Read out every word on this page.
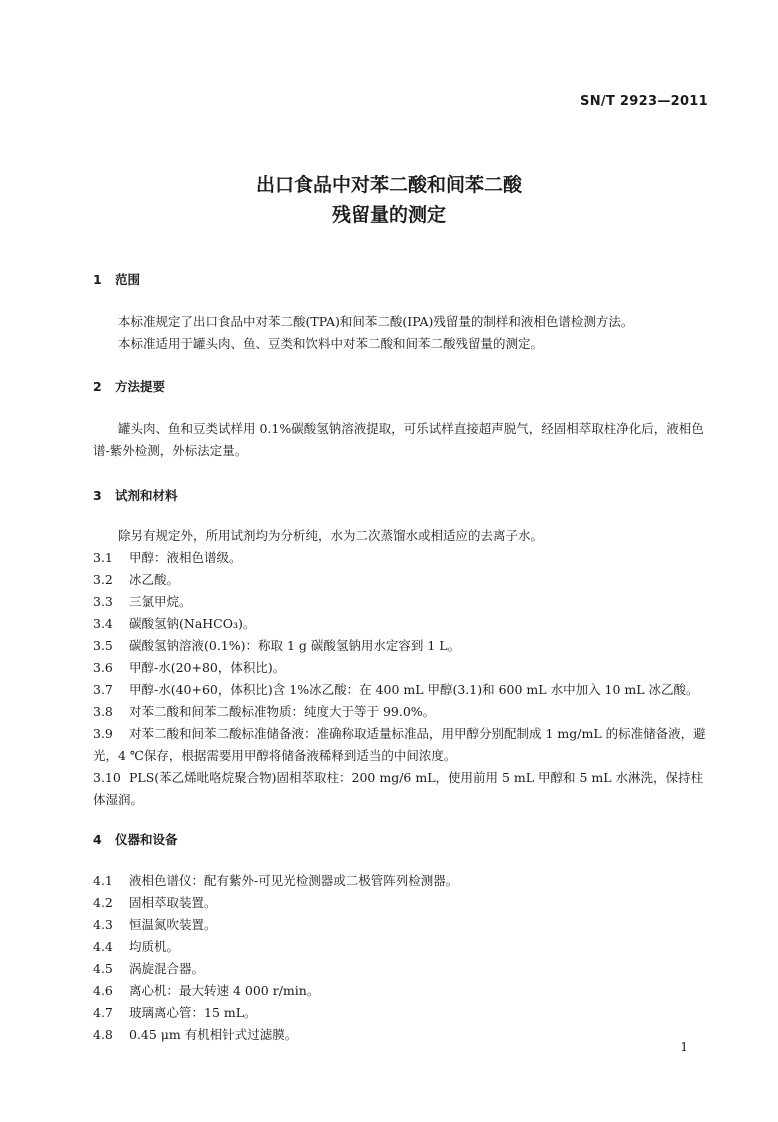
SN/T 2923—2011
出口食品中对苯二酸和间苯二酸
残留量的测定
1 范围
本标准规定了出口食品中对苯二酸(TPA)和间苯二酸(IPA)残留量的制样和液相色谱检测方法。
本标准适用于罐头肉、鱼、豆类和饮料中对苯二酸和间苯二酸残留量的测定。
2 方法提要
罐头肉、鱼和豆类试样用 0.1%碳酸氢钠溶液提取，可乐试样直接超声脱气，经固相萃取柱净化后，液相色谱-紫外检测，外标法定量。
3 试剂和材料
除另有规定外，所用试剂均为分析纯，水为二次蒸馏水或相适应的去离子水。
3.1 甲醇：液相色谱级。
3.2 冰乙酸。
3.3 三氯甲烷。
3.4 碳酸氢钠(NaHCO₃)。
3.5 碳酸氢钠溶液(0.1%)：称取 1 g 碳酸氢钠用水定容到 1 L。
3.6 甲醇-水(20+80，体积比)。
3.7 甲醇-水(40+60，体积比)含 1%冰乙酸：在 400 mL 甲醇(3.1)和 600 mL 水中加入 10 mL 冰乙酸。
3.8 对苯二酸和间苯二酸标准物质：纯度大于等于 99.0%。
3.9 对苯二酸和间苯二酸标准储备液：准确称取适量标准品，用甲醇分别配制成 1 mg/mL 的标准储备液，避光，4 ℃保存，根据需要用甲醇将储备液稀释到适当的中间浓度。
3.10 PLS(苯乙烯吡咯烷聚合物)固相萃取柱：200 mg/6 mL，使用前用 5 mL 甲醇和 5 mL 水淋洗，保持柱体湿润。
4 仪器和设备
4.1 液相色谱仪：配有紫外-可见光检测器或二极管阵列检测器。
4.2 固相萃取装置。
4.3 恒温氮吹装置。
4.4 均质机。
4.5 涡旋混合器。
4.6 离心机：最大转速 4 000 r/min。
4.7 玻璃离心管：15 mL。
4.8 0.45 μm 有机相针式过滤膜。
1
